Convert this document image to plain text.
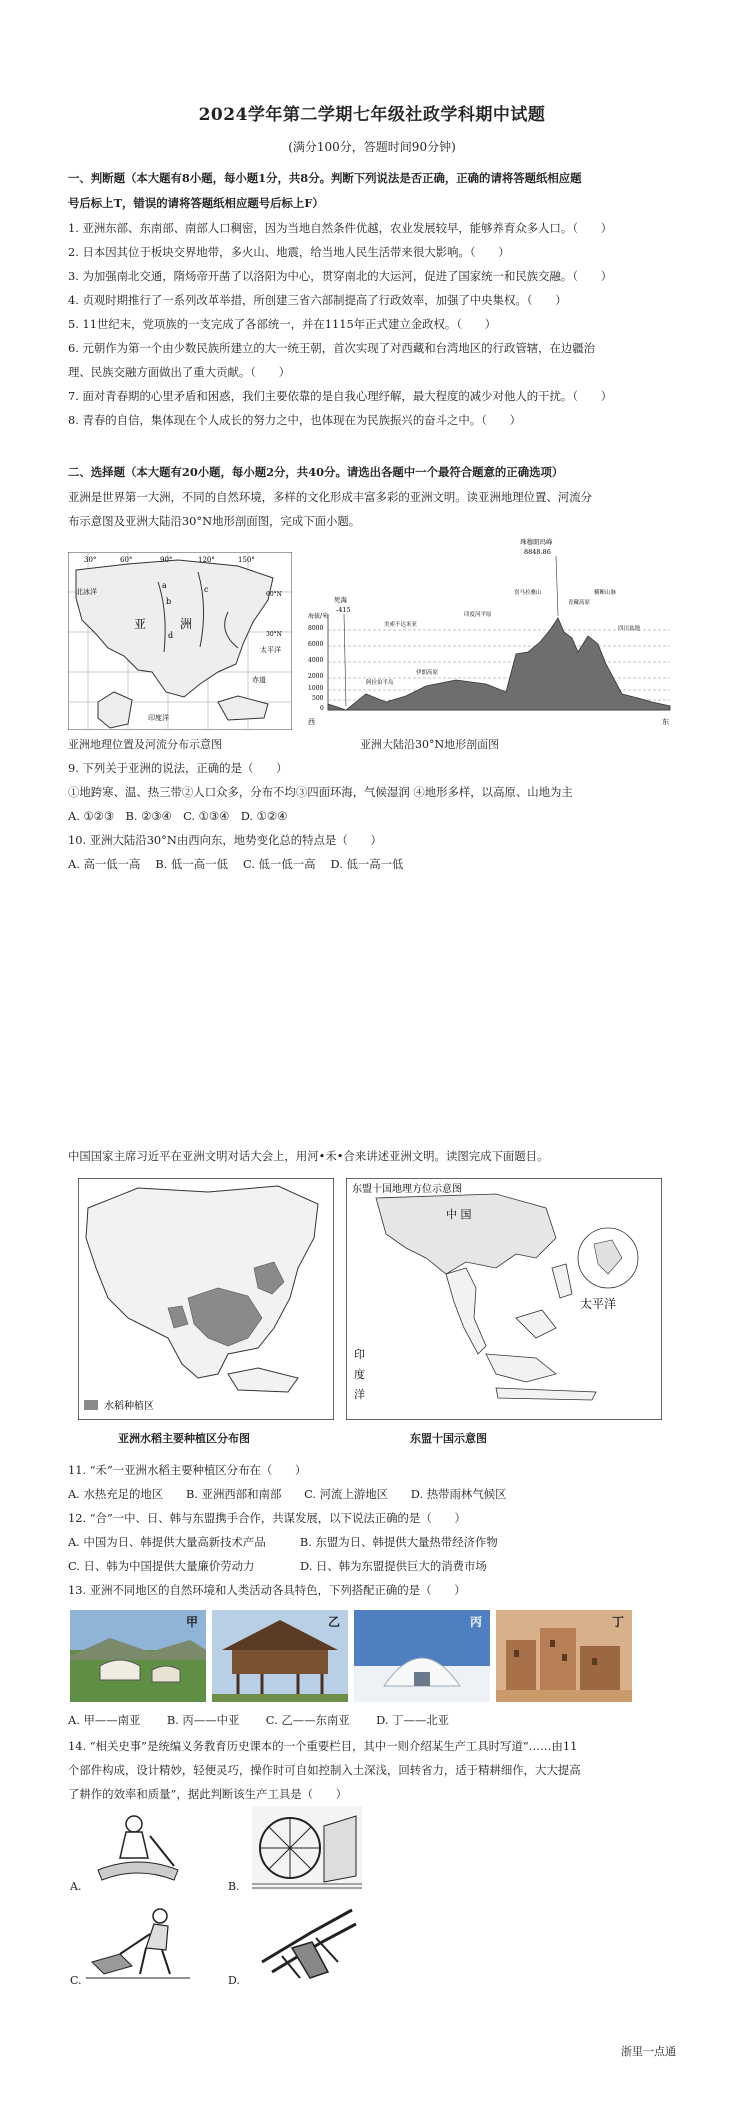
2024学年第二学期七年级社政学科期中试题
(满分100分，答题时间90分钟)
一、判断题（本大题有8小题，每小题1分，共8分。判断下列说法是否正确，正确的请将答题纸相应题
号后标上T，错误的请将答题纸相应题号后标上F）
1. 亚洲东部、东南部、南部人口稠密，因为当地自然条件优越，农业发展较早，能够养育众多人口。（　　）
2. 日本因其位于板块交界地带，多火山、地震，给当地人民生活带来很大影响。（　　）
3. 为加强南北交通，隋炀帝开凿了以洛阳为中心，贯穿南北的大运河，促进了国家统一和民族交融。（　　）
4. 贞观时期推行了一系列改革举措，所创建三省六部制提高了行政效率，加强了中央集权。（　　）
5. 11世纪末，党项族的一支完成了各部统一，并在1115年正式建立金政权。（　　）
6. 元朝作为第一个由少数民族所建立的大一统王朝，首次实现了对西藏和台湾地区的行政管辖，在边疆治
理、民族交融方面做出了重大贡献。（　　）
7. 面对青春期的心里矛盾和困惑，我们主要依靠的是自我心理纾解，最大程度的减少对他人的干扰。（　　）
8. 青春的自信，集体现在个人成长的努力之中，也体现在为民族振兴的奋斗之中。（　　）
二、选择题（本大题有20小题，每小题2分，共40分。请选出各题中一个最符合题意的正确选项）
亚洲是世界第一大洲，不同的自然环境，多样的文化形成丰富多彩的亚洲文明。读亚洲地理位置、河流分
布示意图及亚洲大陆沿30°N地形剖面图，完成下面小题。
30°	60°	90°	120°	150°
北冰洋
亚	洲
太平洋
印度洋
赤道
30°N
60°N
a
b
c
d
8000
6000
4000
2000
1000
500
0
海拔/米
珠穆朗玛峰
8848.86
死海
-415
西	东
阿拉伯半岛
伊朗高原
美索不达米亚
印度河平原
喜马拉雅山
青藏高原
横断山脉
四川盆地
亚洲地理位置及河流分布示意图	亚洲大陆沿30°N地形剖面图
9. 下列关于亚洲的说法，正确的是（　　）
①地跨寒、温、热三带②人口众多，分布不均③四面环海，气候湿润 ④地形多样，以高原、山地为主
A. ①②③　B. ②③④　C. ①③④　D. ①②④
10. 亚洲大陆沿30°N由西向东，地势变化总的特点是（　　）
A. 高一低一高　 B. 低一高一低　 C. 低一低一高　 D. 低一高一低
中国国家主席习近平在亚洲文明对话大会上，用河•禾•合来讲述亚洲文明。读图完成下面题目。
水稻种植区
东盟十国地理方位示意图
中 国
太平洋
印
度
洋
亚洲水稻主要种植区分布图	东盟十国示意图
11. “禾”一亚洲水稻主要种植区分布在（　　）
A. 水热充足的地区　　B. 亚洲西部和南部　　C. 河流上游地区　　D. 热带雨林气候区
12. “合”一中、日、韩与东盟携手合作，共谋发展，以下说法正确的是（　　）
A. 中国为日、韩提供大量高新技术产品　　　B. 东盟为日、韩提供大量热带经济作物
C. 日、韩为中国提供大量廉价劳动力　　　　D. 日、韩为东盟提供巨大的消费市场
13. 亚洲不同地区的自然环境和人类活动各具特色，下列搭配正确的是（　　）
甲	乙	丙	丁
A. 甲——南亚　　 B. 丙——中亚　　 C. 乙——东南亚　　 D. 丁——北亚
14. “相关史事”是统编义务教育历史课本的一个重要栏目，其中一则介绍某生产工具时写道“……由11
个部件构成，设计精妙，轻便灵巧，操作时可自如控制入土深浅，回转省力，适于精耕细作，大大提高
了耕作的效率和质量”，据此判断该生产工具是（　　）
A.	B.
C.	D.
浙里一点通
